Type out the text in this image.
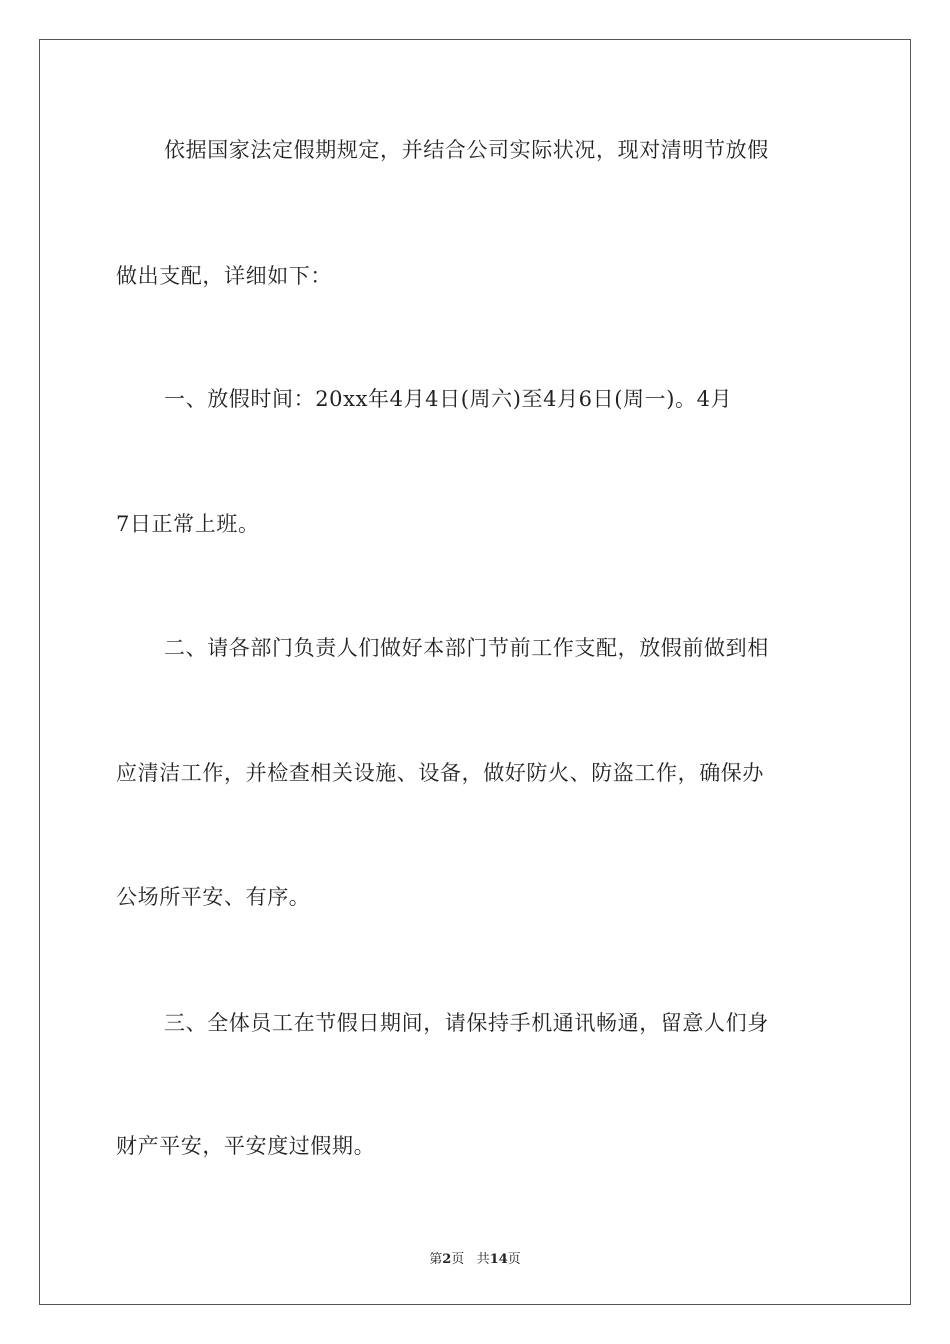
依据国家法定假期规定，并结合公司实际状况，现对清明节放假
做出支配，详细如下：
一、放假时间：20xx年4月4日(周六)至4月6日(周一)。4月
7日正常上班。
二、请各部门负责人们做好本部门节前工作支配，放假前做到相
应清洁工作，并检查相关设施、设备，做好防火、防盗工作，确保办
公场所平安、有序。
三、全体员工在节假日期间，请保持手机通讯畅通，留意人们身
财产平安，平安度过假期。
第2页 共14页
